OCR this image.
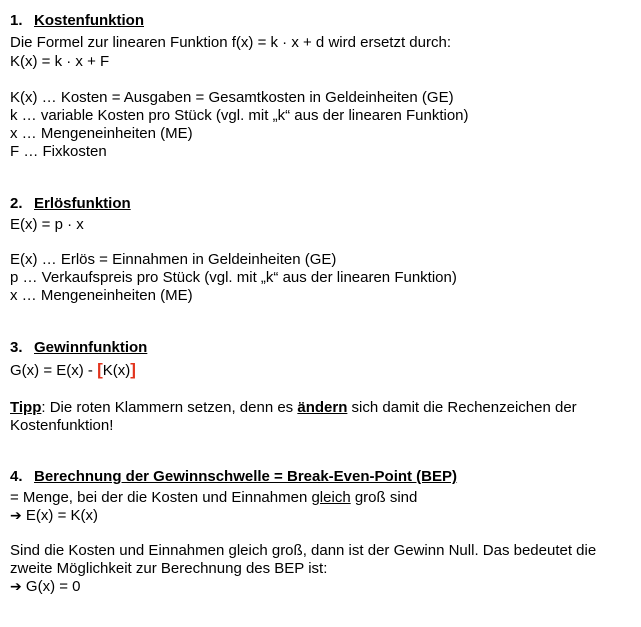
1. Kostenfunktion
Die Formel zur linearen Funktion f(x) = k · x + d wird ersetzt durch:
K(x) = k · x + F
K(x) … Kosten = Ausgaben = Gesamtkosten in Geldeinheiten (GE)
k … variable Kosten pro Stück (vgl. mit „k“ aus der linearen Funktion)
x … Mengeneinheiten (ME)
F … Fixkosten
2. Erlösfunktion
E(x) = p · x
E(x) … Erlös = Einnahmen in Geldeinheiten (GE)
p … Verkaufspreis pro Stück (vgl. mit „k“ aus der linearen Funktion)
x … Mengeneinheiten (ME)
3. Gewinnfunktion
G(x) = E(x) - [K(x)]
Tipp: Die roten Klammern setzen, denn es ändern sich damit die Rechenzeichen der
Kostenfunktion!
4. Berechnung der Gewinnschwelle = Break-Even-Point (BEP)
= Menge, bei der die Kosten und Einnahmen gleich groß sind
➔ E(x) = K(x)
Sind die Kosten und Einnahmen gleich groß, dann ist der Gewinn Null. Das bedeutet die
zweite Möglichkeit zur Berechnung des BEP ist:
➔ G(x) = 0
